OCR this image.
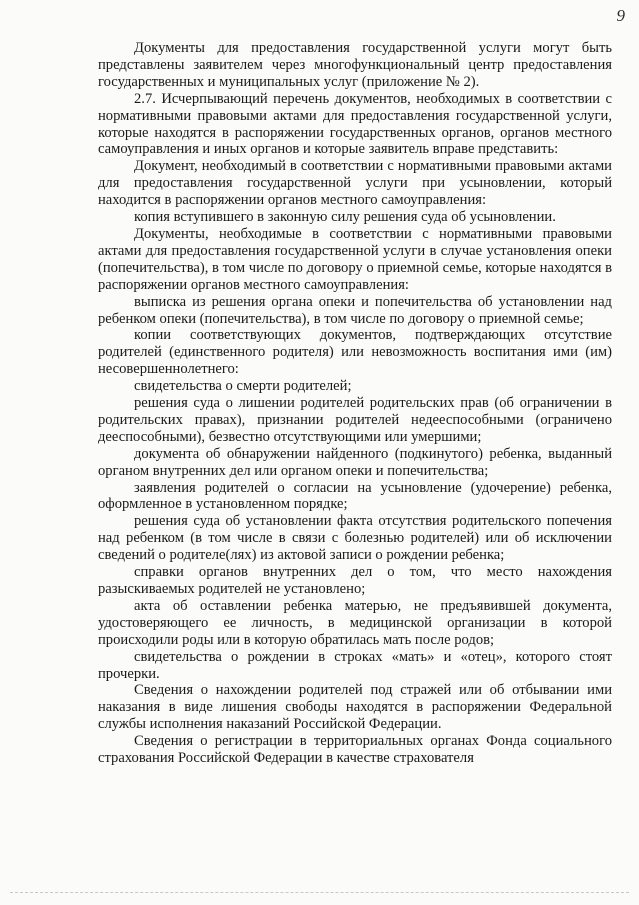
9

Документы для предоставления государственной услуги могут быть представлены заявителем через многофункциональный центр предоставления государственных и муниципальных услуг (приложение № 2).

2.7. Исчерпывающий перечень документов, необходимых в соответствии с нормативными правовыми актами для предоставления государственной услуги, которые находятся в распоряжении государственных органов, органов местного самоуправления и иных органов и которые заявитель вправе представить:

Документ, необходимый в соответствии с нормативными правовыми актами для предоставления государственной услуги при усыновлении, который находится в распоряжении органов местного самоуправления:

копия вступившего в законную силу решения суда об усыновлении.

Документы, необходимые в соответствии с нормативными правовыми актами для предоставления государственной услуги в случае установления опеки (попечительства), в том числе по договору о приемной семье, которые находятся в распоряжении органов местного самоуправления:

выписка из решения органа опеки и попечительства об установлении над ребенком опеки (попечительства), в том числе по договору о приемной семье;

копии соответствующих документов, подтверждающих отсутствие родителей (единственного родителя) или невозможность воспитания ими (им) несовершеннолетнего:

свидетельства о смерти родителей;

решения суда о лишении родителей родительских прав (об ограничении в родительских правах), признании родителей недееспособными (ограничено дееспособными), безвестно отсутствующими или умершими;

документа об обнаружении найденного (подкинутого) ребенка, выданный органом внутренних дел или органом опеки и попечительства;

заявления родителей о согласии на усыновление (удочерение) ребенка, оформленное в установленном порядке;

решения суда об установлении факта отсутствия родительского попечения над ребенком (в том числе в связи с болезнью родителей) или об исключении сведений о родителе(лях) из актовой записи о рождении ребенка;

справки органов внутренних дел о том, что место нахождения разыскиваемых родителей не установлено;

акта об оставлении ребенка матерью, не предъявившей документа, удостоверяющего ее личность, в медицинской организации в которой происходили роды или в которую обратилась мать после родов;

свидетельства о рождении в строках «мать» и «отец», которого стоят прочерки.

Сведения о нахождении родителей под стражей или об отбывании ими наказания в виде лишения свободы находятся в распоряжении Федеральной службы исполнения наказаний Российской Федерации.

Сведения о регистрации в территориальных органах Фонда социального страхования Российской Федерации в качестве страхователя
